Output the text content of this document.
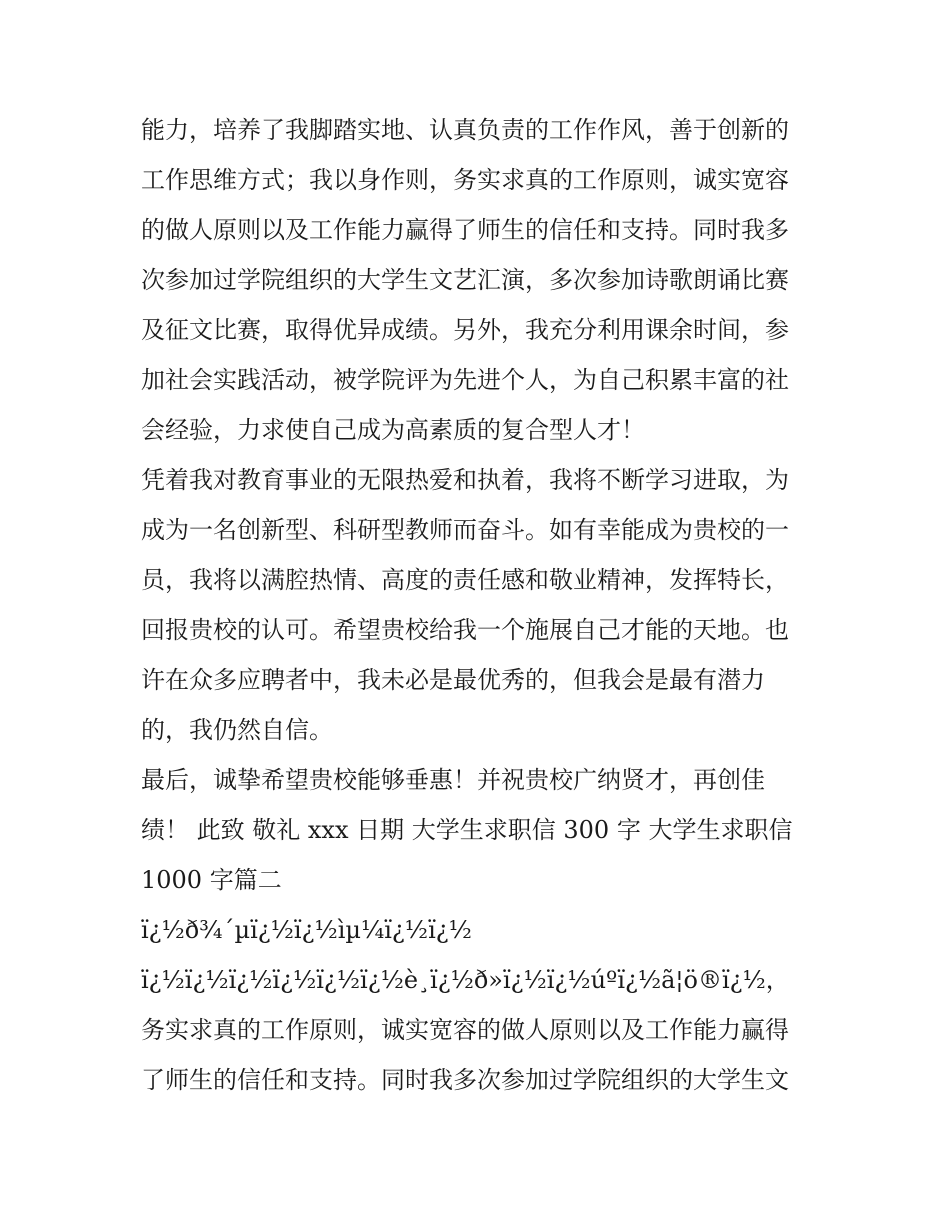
能力，培养了我脚踏实地、认真负责的工作作风，善于创新的
工作思维方式；我以身作则，务实求真的工作原则，诚实宽容
的做人原则以及工作能力赢得了师生的信任和支持。同时我多
次参加过学院组织的大学生文艺汇演，多次参加诗歌朗诵比赛
及征文比赛，取得优异成绩。另外，我充分利用课余时间，参
加社会实践活动，被学院评为先进个人，为自己积累丰富的社
会经验，力求使自己成为高素质的复合型人才！
凭着我对教育事业的无限热爱和执着，我将不断学习进取，为
成为一名创新型、科研型教师而奋斗。如有幸能成为贵校的一
员，我将以满腔热情、高度的责任感和敬业精神，发挥特长，
回报贵校的认可。希望贵校给我一个施展自己才能的天地。也
许在众多应聘者中，我未必是最优秀的，但我会是最有潜力
的，我仍然自信。
最后，诚挚希望贵校能够垂惠！并祝贵校广纳贤才，再创佳
绩！ 此致 敬礼 xxx 日期 大学生求职信 300 字 大学生求职信
1000 字篇二
ï¿½ð¾´µï¿½ï¿½ìµ¼ï¿½ï¿½
ï¿½ï¿½ï¿½ï¿½ï¿½ï¿½è¸ï¿½ð»ï¿½ï¿½úºï¿½ã¦ö®ï¿½，
务实求真的工作原则，诚实宽容的做人原则以及工作能力赢得
了师生的信任和支持。同时我多次参加过学院组织的大学生文
